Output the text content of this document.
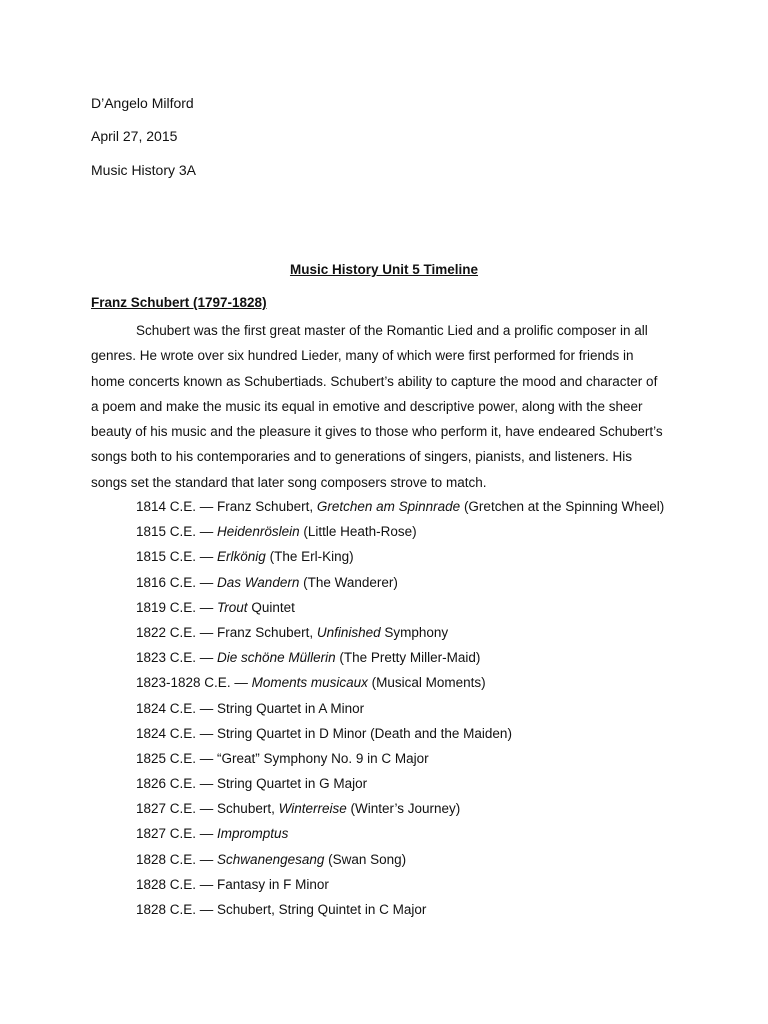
D’Angelo Milford
April 27, 2015
Music History 3A
Music History Unit 5 Timeline
Franz Schubert (1797-1828)
Schubert was the first great master of the Romantic Lied and a prolific composer in all
genres. He wrote over six hundred Lieder, many of which were first performed for friends in
home concerts known as Schubertiads. Schubert’s ability to capture the mood and character of
a poem and make the music its equal in emotive and descriptive power, along with the sheer
beauty of his music and the pleasure it gives to those who perform it, have endeared Schubert’s
songs both to his contemporaries and to generations of singers, pianists, and listeners. His
songs set the standard that later song composers strove to match.
1814 C.E. — Franz Schubert, Gretchen am Spinnrade (Gretchen at the Spinning Wheel)
1815 C.E. — Heidenröslein (Little Heath-Rose)
1815 C.E. — Erlkönig (The Erl-King)
1816 C.E. — Das Wandern (The Wanderer)
1819 C.E. — Trout Quintet
1822 C.E. — Franz Schubert, Unfinished Symphony
1823 C.E. — Die schöne Müllerin (The Pretty Miller-Maid)
1823-1828 C.E. — Moments musicaux (Musical Moments)
1824 C.E. — String Quartet in A Minor
1824 C.E. — String Quartet in D Minor (Death and the Maiden)
1825 C.E. — “Great” Symphony No. 9 in C Major
1826 C.E. — String Quartet in G Major
1827 C.E. — Schubert, Winterreise (Winter’s Journey)
1827 C.E. — Impromptus
1828 C.E. — Schwanengesang (Swan Song)
1828 C.E. — Fantasy in F Minor
1828 C.E. — Schubert, String Quintet in C Major
